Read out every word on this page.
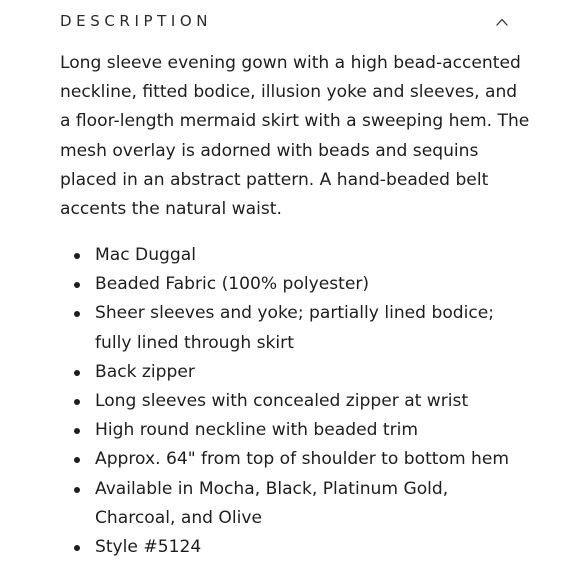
DESCRIPTION

Long sleeve evening gown with a high bead-accented neckline, fitted bodice, illusion yoke and sleeves, and a floor-length mermaid skirt with a sweeping hem. The mesh overlay is adorned with beads and sequins placed in an abstract pattern. A hand-beaded belt accents the natural waist.

Mac Duggal
Beaded Fabric (100% polyester)
Sheer sleeves and yoke; partially lined bodice; fully lined through skirt
Back zipper
Long sleeves with concealed zipper at wrist
High round neckline with beaded trim
Approx. 64" from top of shoulder to bottom hem
Available in Mocha, Black, Platinum Gold, Charcoal, and Olive
Style #5124
